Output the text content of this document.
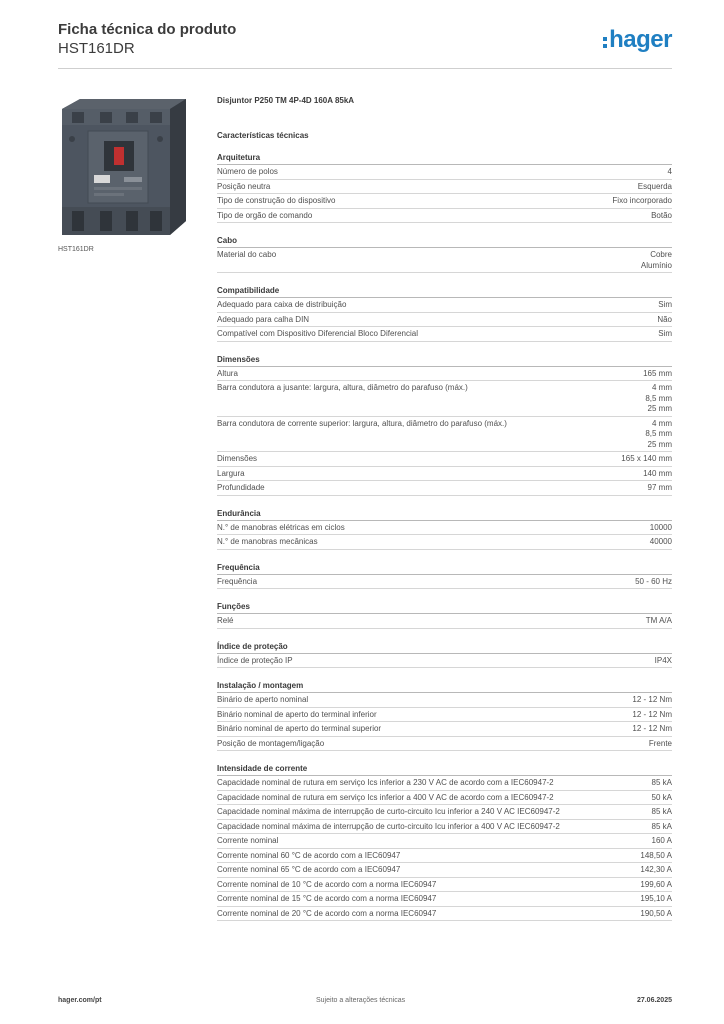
Ficha técnica do produto
HST161DR	hager
HST161DR
Disjuntor P250 TM 4P-4D 160A 85kA
Características técnicas
Arquitetura
Número de polos	4
Posição neutra	Esquerda
Tipo de construção do dispositivo	Fixo incorporado
Tipo de orgão de comando	Botão
Cabo
Material do cabo	Cobre
Alumínio
Compatibilidade
Adequado para caixa de distribuição	Sim
Adequado para calha DIN	Não
Compatível com Dispositivo Diferencial Bloco Diferencial	Sim
Dimensões
Altura	165 mm
Barra condutora a jusante: largura, altura, diâmetro do parafuso (máx.)	4 mm
8,5 mm
25 mm
Barra condutora de corrente superior: largura, altura, diâmetro do parafuso (máx.)	4 mm
8,5 mm
25 mm
Dimensões	165 x 140 mm
Largura	140 mm
Profundidade	97 mm
Endurância
N.° de manobras elétricas em ciclos	10000
N.° de manobras mecânicas	40000
Frequência
Frequência	50 - 60 Hz
Funções
Relé	TM A/A
Índice de proteção
Índice de proteção IP	IP4X
Instalação / montagem
Binário de aperto nominal	12 - 12 Nm
Binário nominal de aperto do terminal inferior	12 - 12 Nm
Binário nominal de aperto do terminal superior	12 - 12 Nm
Posição de montagem/ligação	Frente
Intensidade de corrente
Capacidade nominal de rutura em serviço Ics inferior a 230 V AC de acordo com a IEC60947-2	85 kA
Capacidade nominal de rutura em serviço Ics inferior a 400 V AC de acordo com a IEC60947-2	50 kA
Capacidade nominal máxima de interrupção de curto-circuito Icu inferior a 240 V AC IEC60947-2	85 kA
Capacidade nominal máxima de interrupção de curto-circuito Icu inferior a 400 V AC IEC60947-2	85 kA
Corrente nominal	160 A
Corrente nominal 60 °C de acordo com a IEC60947	148,50 A
Corrente nominal 65 °C de acordo com a IEC60947	142,30 A
Corrente nominal de 10 °C de acordo com a norma IEC60947	199,60 A
Corrente nominal de 15 °C de acordo com a norma IEC60947	195,10 A
Corrente nominal de 20 °C de acordo com a norma IEC60947	190,50 A
hager.com/pt	Sujeito a alterações técnicas	27.06.2025
